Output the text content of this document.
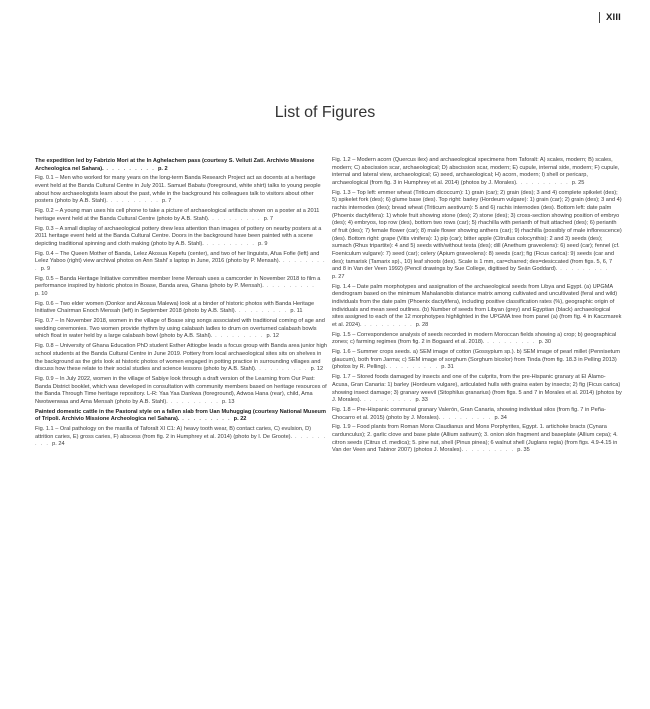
XIII
List of Figures

The expedition led by Fabrizio Mori at the In Aghelachem pass (courtesy S. Velluti Zati. Archivio Missione Archeologica nel Sahara). . . . . . . . . . p. 2

Fig. 0.1 – Men who worked for many years on the long-term Banda Research Project act as docents at a heritage event held at the Banda Cultural Centre in July 2011. Samuel Babatu (foreground, white shirt) talks to young people about how archaeologists learn about the past, while in the background his colleagues talk to visitors about other posters (photo by A.B. Stahl). . . . . . . . . . p. 7

Fig. 0.2 – A young man uses his cell phone to take a picture of archaeological artifacts shown on a poster at a 2011 heritage event held at the Banda Cultural Centre (photo by A.B. Stahl). . . . . . . . . . p. 7

Fig. 0.3 – A small display of archaeological pottery drew less attention than images of pottery on nearby posters at a 2011 heritage event held at the Banda Cultural Centre. Doors in the background have been painted with a scene depicting traditional spinning and cloth making (photo by A.B. Stahl). . . . . . . . . . p. 9

Fig. 0.4 – The Queen Mother of Banda, Lelez Akosua Kepefu (center), and two of her linguists, Afua Fofie (left) and Lelez Yaboo (right) view archival photos on Ann Stahl’ s laptop in June, 2016 (photo by P. Mensah). . . . . . . . . . p. 9

Fig. 0.5 – Banda Heritage Initiative committee member Irene Mensah uses a camcorder in November 2018 to film a performance inspired by historic photos in Boase, Banda area, Ghana (photo by P. Mensah). . . . . . . . . . p. 10

Fig. 0.6 – Two elder women (Donkor and Akosua Malewa) look at a binder of historic photos with Banda Heritage Initiative Chairman Enoch Mensah (left) in September 2018 (photo by A.B. Stahl). . . . . . . . . . p. 11

Fig. 0.7 – In November 2018, women in the village of Boase sing songs associated with traditional coming of age and wedding ceremonies. Two women provide rhythm by using calabash ladles to drum on overturned calabash bowls which float in water held by a large calabash bowl (photo by A.B. Stahl). . . . . . . . . . p. 12

Fig. 0.8 – University of Ghana Education PhD student Esther Attiogbe leads a focus group with Banda area junior high school students at the Banda Cultural Centre in June 2019. Pottery from local archaeological sites sits on shelves in the background as the girls look at historic photos of women engaged in potting practice in surrounding villages and discuss how these relate to their social studies and science lessons (photo by A.B. Stahl). . . . . . . . . . p. 12

Fig. 0.9 – In July 2022, women in the village of Sabiye look through a draft version of the Learning from Our Past: Banda District booklet, which was developed in consultation with community members based on heritage resources of the Banda Through Time heritage repository. L-R: Yaa Yaa Dankwa (foreground), Adwoa Hana (rear), child, Ama Nwotwenwaa and Ama Mensah (photo by A.B. Stahl). . . . . . . . . . p. 13

Painted domestic cattle in the Pastoral style on a fallen slab from Uan Muhuggiag (courtesy National Museum of Tripoli. Archivio Missione Archeologica nel Sahara). . . . . . . . . . p. 22

Fig. 1.1 – Oral pathology on the maxilla of Taforalt XI C1: A) heavy tooth wear, B) contact caries, C) evulsion, D) attrition caries, E) gross caries, F) abscess (from fig. 2 in Humphrey et al. 2014) (photo by I. De Groote). . . . . . . . . . p. 24

Fig. 1.2 – Modern acorn (Quercus ilex) and archaeological specimens from Taforalt: A) scales, modern; B) scales, modern; C) abscission scar, archaeological; D) abscission scar, modern; E) cupule, internal side, modern; F) cupule, internal and lateral view, archaeological; G) seed, archaeological; H) acorn, modern; I) shell or pericarp, archaeological (from fig. 3 in Humphrey et al. 2014) (photos by J. Morales). . . . . . . . . . p. 25

Fig. 1.3 – Top left: emmer wheat (Triticum dicoccum): 1) grain (car); 2) grain (des); 3 and 4) complete spikelet (des); 5) spikelet fork (des); 6) glume base (des). Top right: barley (Hordeum vulgare): 1) grain (car); 2) grain (des); 3 and 4) rachis internodes (des); bread wheat (Triticum aestivum): 5 and 6) rachis internodes (des). Bottom left: date palm (Phoenix dactylifera): 1) whole fruit showing stone (des); 2) stone (des); 3) cross-section showing position of embryo (des); 4) embryos, top row (des), bottom two rows (car); 5) rhachilla with perianth of fruit attached (des); 6) perianth of fruit (des); 7) female flower (car); 8) male flower showing anthers (car); 9) rhachilla (possibly of male inflorescence) (des). Bottom right: grape (Vitis vinifera): 1) pip (car); bitter apple (Citrullus colocynthis): 2 and 3) seeds (des); sumach (Rhus tripartite): 4 and 5) seeds with/without testa (des); dill (Anethum graveolens): 6) seed (car); fennel (cf. Foeniculum vulgare): 7) seed (car); celery (Apium graveolens): 8) seeds (car); fig (Ficus carica): 9) seeds (car and des); tamarisk (Tamarix sp)., 10) leaf shoots (des). Scale is 1 mm, car=charred; des=desiccated (from figs. 5, 6, 7 and 8 in Van der Veen 1992) (Pencil drawings by Sue College, digitised by Seán Goddard). . . . . . . . . . p. 27

Fig. 1.4 – Date palm morphotypes and assignation of the archaeological seeds from Libya and Egypt. (a) UPGMA dendrogram based on the minimum Mahalanobis distance matrix among cultivated and uncultivated (feral and wild) individuals from the date palm (Phoenix dactylifera), including positive classification rates (%), geographic origin of individuals and mean seed outlines. (b) Number of seeds from Libyan (grey) and Egyptian (black) archaeological sites assigned to each of the 12 morphotypes highlighted in the UPGMA tree from panel (a) (from fig. 4 in Kaczmarek et al. 2024). . . . . . . . . . p. 28

Fig. 1.5 – Correspondence analysis of seeds recorded in modern Moroccan fields showing a) crop; b) geographical zones; c) farming regimes (from fig. 2 in Bogaard et al. 2018). . . . . . . . . . p. 30

Fig. 1.6 – Summer crops seeds. a) SEM image of cotton (Gossypium sp.). b) SEM image of pearl millet (Pennisetum glaucum), both from Jarma; c) SEM image of sorghum (Sorghum bicolor) from Tinda (from fig. 18.3 in Pelling 2013) (photos by R. Pelling). . . . . . . . . . p. 31

Fig. 1.7 – Stored foods damaged by insects and one of the culprits, from the pre-Hispanic granary at El Álamo-Acusa, Gran Canaria: 1) barley (Hordeum vulgare), articulated hulls with grains eaten by insects; 2) fig (Ficus carica) showing insect damage; 3) granary weevil (Sitophilus granarius) (from figs. 5 and 7 in Morales et al. 2014) (photos by J. Morales). . . . . . . . . . p. 33

Fig. 1.8 – Pre-Hispanic communal granary Valerón, Gran Canaria, showing individual silos (from fig. 7 in Peña-Chocarro et al. 2015) (photo by J. Morales). . . . . . . . . . p. 34

Fig. 1.9 – Food plants from Roman Mons Claudianus and Mons Porphyrites, Egypt. 1. artichoke bracts (Cynara cardunculus); 2. garlic clove and base plate (Allium sativum); 3. onion skin fragment and baseplate (Allium cepa); 4. citron seeds (Citrus cf. medica); 5. pine nut, shell (Pinus pinea); 6 walnut shell (Juglans regia) (from figs. 4.9-4.15 in Van der Veen and Tabinor 2007) (photos J. Morales). . . . . . . . . . p. 35
